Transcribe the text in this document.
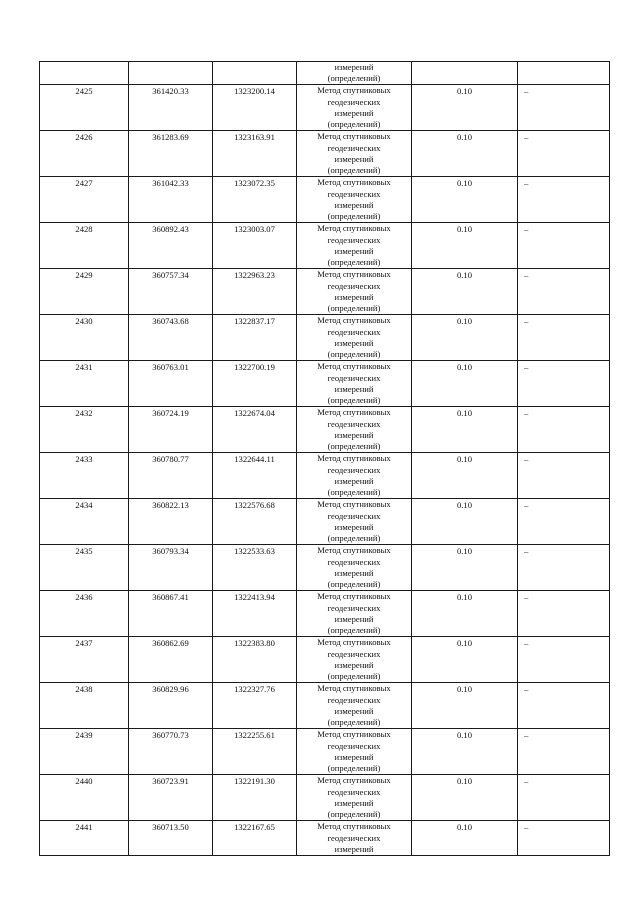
			измерений
(определений)		

2425	361420.33	1323200.14	Метод спутниковых
геодезических
измерений
(определений)	0.10	–
2426	361283.69	1323163.91	Метод спутниковых
геодезических
измерений
(определений)	0.10	–
2427	361042.33	1323072.35	Метод спутниковых
геодезических
измерений
(определений)	0.10	–
2428	360892.43	1323003.07	Метод спутниковых
геодезических
измерений
(определений)	0.10	–
2429	360757.34	1322963.23	Метод спутниковых
геодезических
измерений
(определений)	0.10	–
2430	360743.68	1322837.17	Метод спутниковых
геодезических
измерений
(определений)	0.10	–
2431	360763.01	1322700.19	Метод спутниковых
геодезических
измерений
(определений)	0.10	–
2432	360724.19	1322674.04	Метод спутниковых
геодезических
измерений
(определений)	0.10	–
2433	360780.77	1322644.11	Метод спутниковых
геодезических
измерений
(определений)	0.10	–
2434	360822.13	1322576.68	Метод спутниковых
геодезических
измерений
(определений)	0.10	–
2435	360793.34	1322533.63	Метод спутниковых
геодезических
измерений
(определений)	0.10	–
2436	360867.41	1322413.94	Метод спутниковых
геодезических
измерений
(определений)	0.10	–
2437	360862.69	1322383.80	Метод спутниковых
геодезических
измерений
(определений)	0.10	–
2438	360829.96	1322327.76	Метод спутниковых
геодезических
измерений
(определений)	0.10	–
2439	360770.73	1322255.61	Метод спутниковых
геодезических
измерений
(определений)	0.10	–
2440	360723.91	1322191.30	Метод спутниковых
геодезических
измерений
(определений)	0.10	–
2441	360713.50	1322167.65	Метод спутниковых
геодезических
измерений	0.10	–
